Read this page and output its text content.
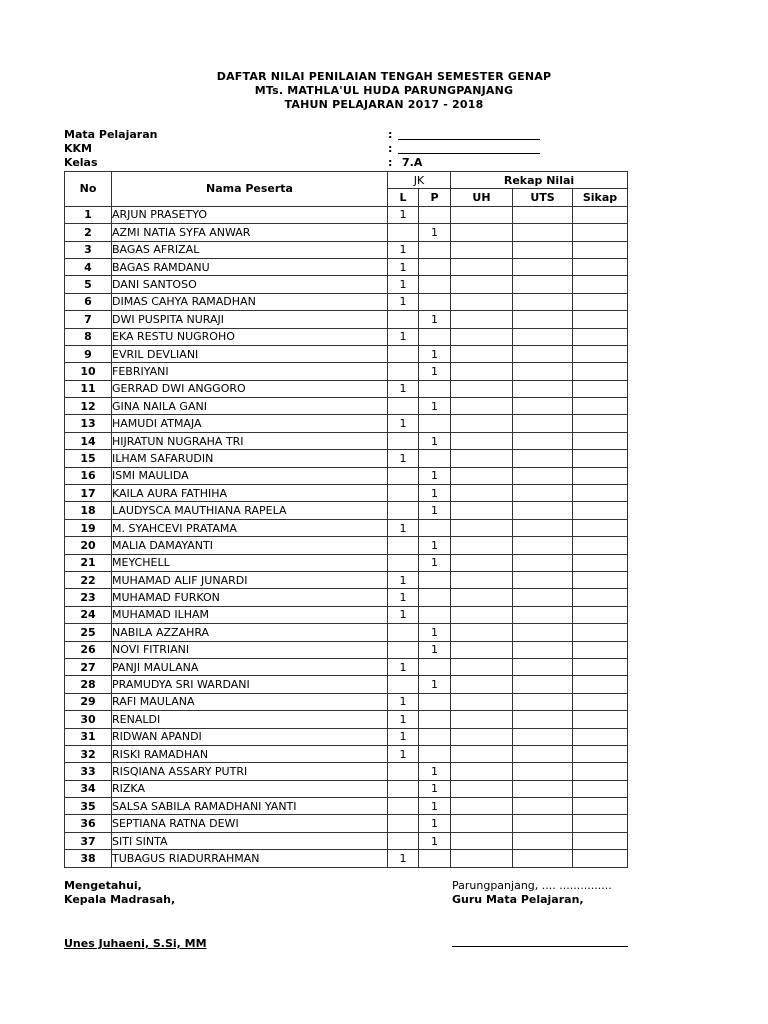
DAFTAR NILAI PENILAIAN TENGAH SEMESTER GENAP
MTs. MATHLA'UL HUDA PARUNGPANJANG
TAHUN PELAJARAN 2017 - 2018
Mata Pelajaran	:
KKM	:
Kelas	: 7.A
No	Nama Peserta	JK		Rekap Nilai		
		L	P	UH	UTS	Sikap
1	ARJUN PRASETYO	1				
2	AZMI NATIA SYFA ANWAR		1			
3	BAGAS AFRIZAL	1				
4	BAGAS RAMDANU	1				
5	DANI SANTOSO	1				
6	DIMAS CAHYA RAMADHAN	1				
7	DWI PUSPITA NURAJI		1			
8	EKA RESTU NUGROHO	1				
9	EVRIL DEVLIANI		1			
10	FEBRIYANI		1			
11	GERRAD DWI ANGGORO	1				
12	GINA NAILA GANI		1			
13	HAMUDI ATMAJA	1				
14	HIJRATUN NUGRAHA TRI		1			
15	ILHAM SAFARUDIN	1				
16	ISMI MAULIDA		1			
17	KAILA AURA FATHIHA		1			
18	LAUDYSCA MAUTHIANA RAPELA		1			
19	M. SYAHCEVI PRATAMA	1				
20	MALIA DAMAYANTI		1			
21	MEYCHELL		1			
22	MUHAMAD ALIF JUNARDI	1				
23	MUHAMAD FURKON	1				
24	MUHAMAD ILHAM	1				
25	NABILA AZZAHRA		1			
26	NOVI FITRIANI		1			
27	PANJI MAULANA	1				
28	PRAMUDYA SRI WARDANI		1			
29	RAFI MAULANA	1				
30	RENALDI	1				
31	RIDWAN APANDI	1				
32	RISKI RAMADHAN	1				
33	RISQIANA ASSARY PUTRI		1			
34	RIZKA		1			
35	SALSA SABILA RAMADHANI YANTI		1			
36	SEPTIANA RATNA DEWI		1			
37	SITI SINTA		1			
38	TUBAGUS RIADURRAHMAN	1				
Mengetahui,
Kepala Madrasah,
Unes Juhaeni, S.Si, MM
Parungpanjang, .... ...............
Guru Mata Pelajaran,
